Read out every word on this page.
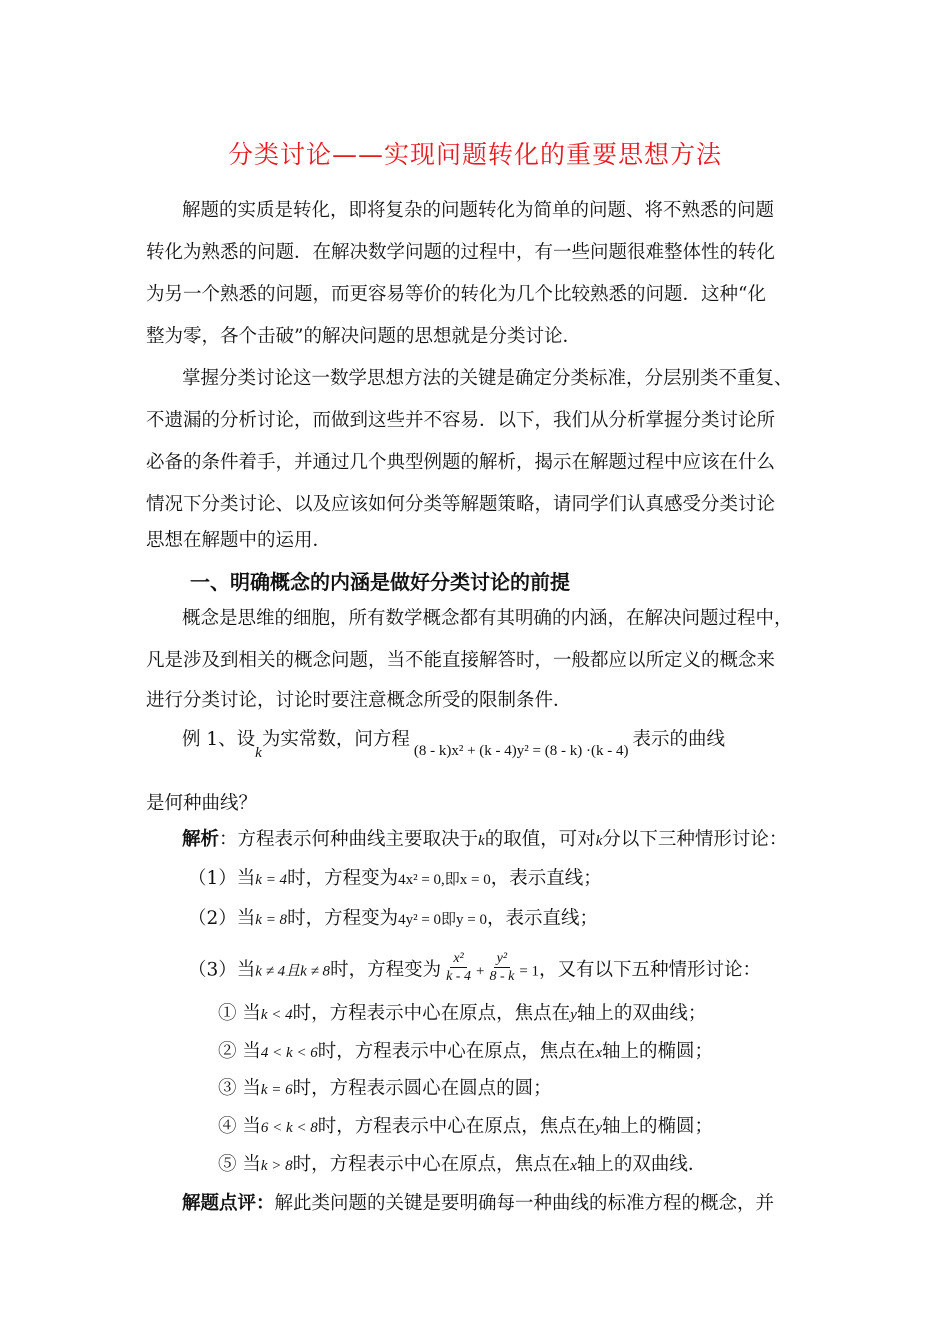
分类讨论——实现问题转化的重要思想方法
解题的实质是转化，即将复杂的问题转化为简单的问题、将不熟悉的问题
转化为熟悉的问题．在解决数学问题的过程中，有一些问题很难整体性的转化
为另一个熟悉的问题，而更容易等价的转化为几个比较熟悉的问题．这种“化
整为零，各个击破”的解决问题的思想就是分类讨论．
掌握分类讨论这一数学思想方法的关键是确定分类标准，分层别类不重复、
不遗漏的分析讨论，而做到这些并不容易．以下，我们从分析掌握分类讨论所
必备的条件着手，并通过几个典型例题的解析，揭示在解题过程中应该在什么
情况下分类讨论、以及应该如何分类等解题策略，请同学们认真感受分类讨论
思想在解题中的运用．
一、明确概念的内涵是做好分类讨论的前提
概念是思维的细胞，所有数学概念都有其明确的内涵，在解决问题过程中，
凡是涉及到相关的概念问题，当不能直接解答时，一般都应以所定义的概念来
进行分类讨论，讨论时要注意概念所受的限制条件．
例 1、设k为实常数，问方程(8 - k)x² + (k - 4)y² = (8 - k) ·(k - 4)表示的曲线
是何种曲线？
解析：方程表示何种曲线主要取决于k的取值，可对k分以下三种情形讨论：
（1）当k = 4时，方程变为4x² = 0,即x = 0，表示直线；
（2）当k = 8时，方程变为4y² = 0即y = 0，表示直线；
（3）当k ≠ 4且k ≠ 8时，方程变为 $\frac{\text{x²}}{k - 4} + \frac{\text{y²}}{8 - k} = 1$，又有以下五种情形讨论：
① 当k < 4时，方程表示中心在原点，焦点在y轴上的双曲线；
② 当4 < k < 6时，方程表示中心在原点，焦点在x轴上的椭圆；
③ 当k = 6时，方程表示圆心在圆点的圆；
④ 当6 < k < 8时，方程表示中心在原点，焦点在y轴上的椭圆；
⑤ 当k > 8时，方程表示中心在原点，焦点在x轴上的双曲线．
解题点评：解此类问题的关键是要明确每一种曲线的标准方程的概念，并
